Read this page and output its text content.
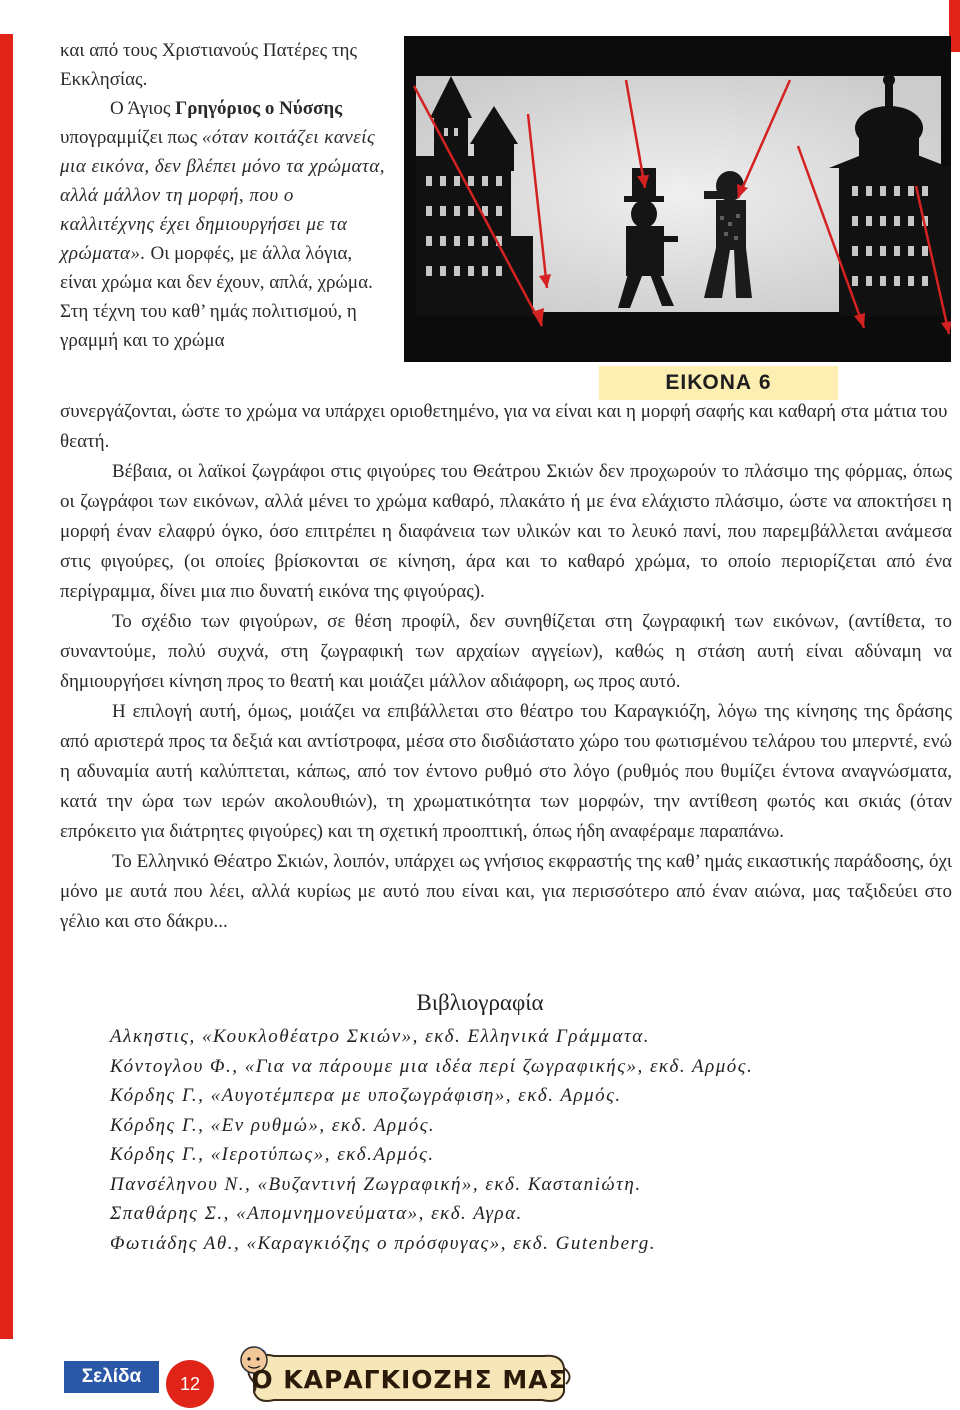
και από τους Χριστιανούς Πατέρες της Εκκλησίας.

Ο Άγιος Γρηγόριος ο Νύσσης υπογραμμίζει πως «όταν κοιτάζει κανείς μια εικόνα, δεν βλέπει μόνο τα χρώματα, αλλά μάλλον τη μορφή, που ο καλλιτέχνης έχει δημιουργήσει με τα χρώματα». Οι μορφές, με άλλα λόγια, είναι χρώμα και δεν έχουν, απλά, χρώμα. Στη τέχνη του καθ’ ημάς πολιτισμού, η γραμμή και το χρώμα

ΕΙΚΟΝΑ 6

συνεργάζονται, ώστε το χρώμα να υπάρχει οριοθετημένο, για να είναι και η μορφή σαφής και καθαρή στα μάτια του θεατή.

Βέβαια, οι λαϊκοί ζωγράφοι στις φιγούρες του Θεάτρου Σκιών δεν προχωρούν το πλάσιμο της φόρμας, όπως οι ζωγράφοι των εικόνων, αλλά μένει το χρώμα καθαρό, πλακάτο ή με ένα ελάχιστο πλάσιμο, ώστε να αποκτήσει η μορφή έναν ελαφρύ όγκο, όσο επιτρέπει η διαφάνεια των υλικών και το λευκό πανί, που παρεμβάλλεται ανάμεσα στις φιγούρες, (οι οποίες βρίσκονται σε κίνηση, άρα και το καθαρό χρώμα, το οποίο περιορίζεται από ένα περίγραμμα, δίνει μια πιο δυνατή εικόνα της φιγούρας).

Το σχέδιο των φιγούρων, σε θέση προφίλ, δεν συνηθίζεται στη ζωγραφική των εικόνων, (αντίθετα, το συναντούμε, πολύ συχνά, στη ζωγραφική των αρχαίων αγγείων), καθώς η στάση αυτή είναι αδύναμη να δημιουργήσει κίνηση προς το θεατή και μοιάζει μάλλον αδιάφορη, ως προς αυτό.

Η επιλογή αυτή, όμως, μοιάζει να επιβάλλεται στο θέατρο του Καραγκιόζη, λόγω της κίνησης της δράσης από αριστερά προς τα δεξιά και αντίστροφα, μέσα στο δισδιάστατο χώρο του φωτισμένου τελάρου του μπερντέ, ενώ η αδυναμία αυτή καλύπτεται, κάπως, από τον έντονο ρυθμό στο λόγο (ρυθμός που θυμίζει έντονα αναγνώσματα, κατά την ώρα των ιερών ακολουθιών), τη χρωματικότητα των μορφών, την αντίθεση φωτός και σκιάς (όταν επρόκειτο για διάτρητες φιγούρες) και τη σχετική προοπτική, όπως ήδη αναφέραμε παραπάνω.

Το Ελληνικό Θέατρο Σκιών, λοιπόν, υπάρχει ως γνήσιος εκφραστής της καθ’ ημάς εικαστικής παράδοσης, όχι μόνο με αυτά που λέει, αλλά κυρίως με αυτό που είναι και, για περισσότερο από έναν αιώνα, μας ταξιδεύει στο γέλιο και στο δάκρυ...

Βιβλιογραφία
Αλκηστις, «Κουκλοθέατρο Σκιών», εκδ. Ελληνικά Γράμματα.
Κόντογλου Φ., «Για να πάρουμε μια ιδέα περί ζωγραφικής», εκδ. Αρμός.
Κόρδης Γ., «Αυγοτέμπερα με υποζωγράφιση», εκδ. Αρμός.
Κόρδης Γ., «Εν ρυθμώ», εκδ. Αρμός.
Κόρδης Γ., «Ιεροτύπως», εκδ.Αρμός.
Πανσέληνου Ν., «Βυζαντινή Ζωγραφική», εκδ. Κασταniώτη.
Σπαθάρης Σ., «Απομνημονεύματα», εκδ. Αγρα.
Φωτιάδης Αθ., «Καραγκιόζης ο πρόσφυγας», εκδ. Gutenberg.
Σελίδα	12	Ο ΚΑΡΑΓΚΙΟΖΗΣ ΜΑΣ
